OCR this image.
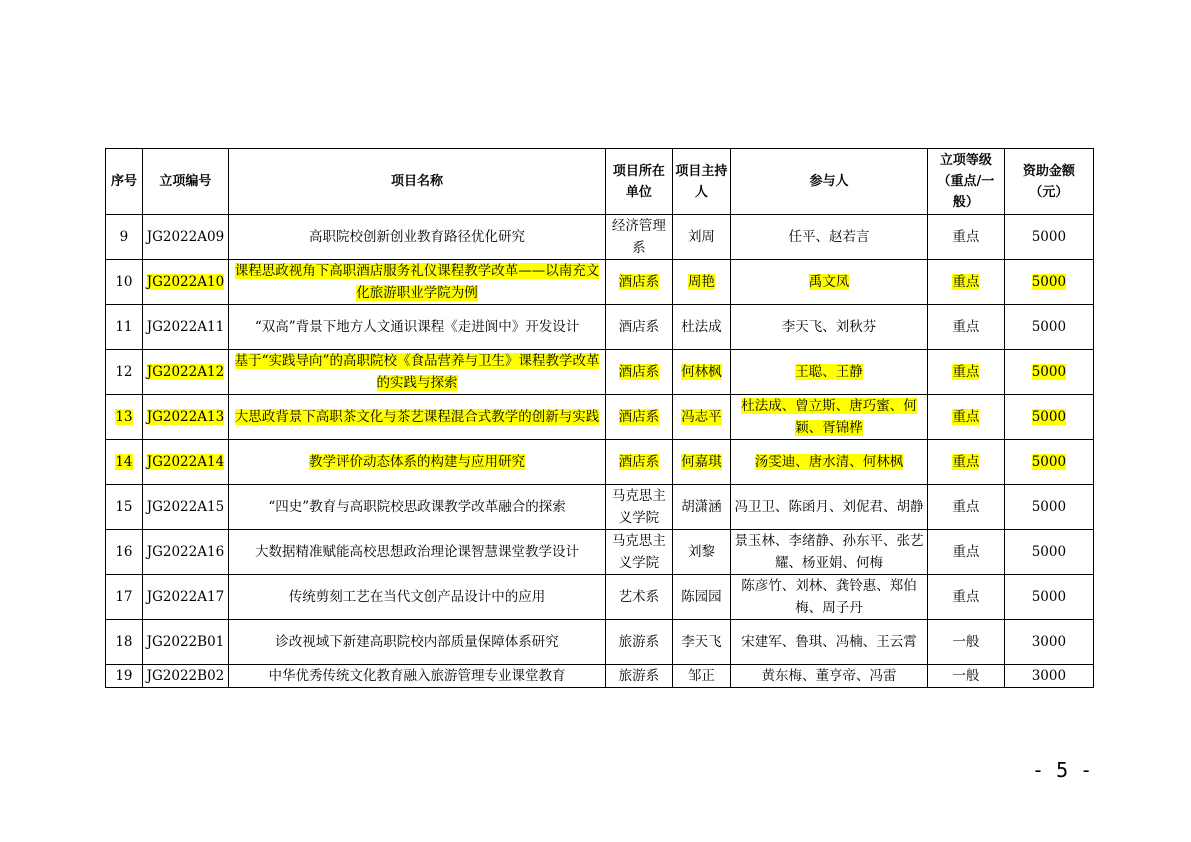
序号	立项编号	项目名称	项目所在单位	项目主持人	参与人	立项等级（重点/一般）	资助金额（元）
9	JG2022A09	高职院校创新创业教育路径优化研究	经济管理系	刘周	任平、赵若言	重点	5000
10	JG2022A10	课程思政视角下高职酒店服务礼仪课程教学改革——以南充文化旅游职业学院为例	酒店系	周艳	禹文凤	重点	5000
11	JG2022A11	“双高”背景下地方人文通识课程《走进阆中》开发设计	酒店系	杜法成	李天飞、刘秋芬	重点	5000
12	JG2022A12	基于“实践导向”的高职院校《食品营养与卫生》课程教学改革的实践与探索	酒店系	何林枫	王聪、王静	重点	5000
13	JG2022A13	大思政背景下高职茶文化与茶艺课程混合式教学的创新与实践	酒店系	冯志平	杜法成、曾立斯、唐巧蜜、何颖、胥锦桦	重点	5000
14	JG2022A14	教学评价动态体系的构建与应用研究	酒店系	何嘉琪	汤雯迪、唐水清、何林枫	重点	5000
15	JG2022A15	“四史”教育与高职院校思政课教学改革融合的探索	马克思主义学院	胡潇涵	冯卫卫、陈函月、刘伲君、胡静	重点	5000
16	JG2022A16	大数据精准赋能高校思想政治理论课智慧课堂教学设计	马克思主义学院	刘黎	景玉林、李绪静、孙东平、张艺耀、杨亚娟、何梅	重点	5000
17	JG2022A17	传统剪刻工艺在当代文创产品设计中的应用	艺术系	陈园园	陈彦竹、刘林、龚铃惠、郑伯梅、周子丹	重点	5000
18	JG2022B01	诊改视域下新建高职院校内部质量保障体系研究	旅游系	李天飞	宋建军、鲁琪、冯楠、王云霄	一般	3000
19	JG2022B02	中华优秀传统文化教育融入旅游管理专业课堂教育	旅游系	邹正	黄东梅、董亨帝、冯雷	一般	3000
- 5 -
